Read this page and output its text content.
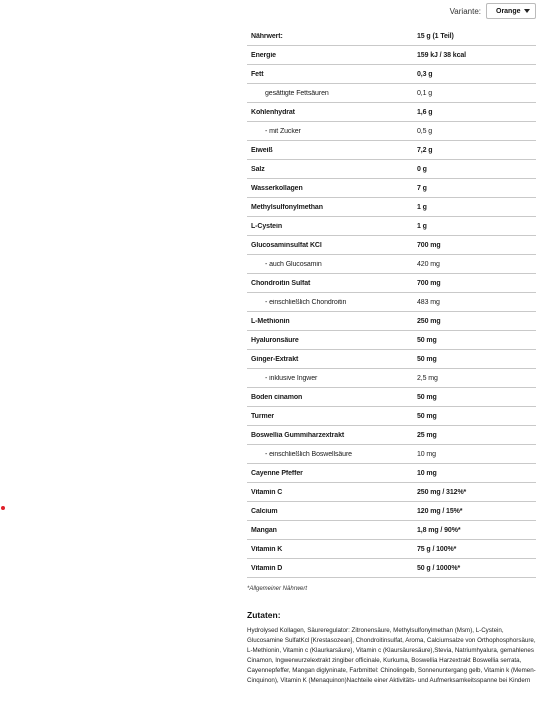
Variante: Orange
Nährwert:	15 g (1 Teil)
Energie	159 kJ / 38 kcal
Fett	0,3 g
gesättigte Fettsäuren	0,1 g
Kohlenhydrat	1,6 g
- mit Zucker	0,5 g
Eiweiß	7,2 g
Salz	0 g
Wasserkollagen	7 g
Methylsulfonylmethan	1 g
L-Cystein	1 g
Glucosaminsulfat KCl	700 mg
- auch Glucosamin	420 mg
Chondroitin Sulfat	700 mg
- einschließlich Chondroitin	483 mg
L-Methionin	250 mg
Hyaluronsäure	50 mg
Ginger-Extrakt	50 mg
- inklusive Ingwer	2,5 mg
Boden cinamon	50 mg
Turmer	50 mg
Boswellia Gummiharzextrakt	25 mg
- einschließlich Boswellsäure	10 mg
Cayenne Pfeffer	10 mg
Vitamin C	250 mg / 312%*
Calcium	120 mg / 15%*
Mangan	1,8 mg / 90%*
Vitamin K	75 g / 100%*
Vitamin D	50 g / 1000%*
*Allgemeiner Nährwert
Zutaten:
Hydrolysed Kollagen, Säureregulator: Zitronensäure, Methylsulfonylmethan (Msm), L-Cystein, Glucosamine SulfatKcl [Krestasozean], Chondroitinsulfat, Aroma, Calciumsalze von Orthophosphorsäure, L-Methionin, Vitamin c (Klaurkarsäure), Vitamin c (Klaursäuresäure),Stevia, Natriumhyalura, gemahlenes Cinamon, Ingwerwurzelextrakt zingiber officinale, Kurkuma, Boswellia Harzextrakt Boswellia serrata, Cayennepfeffer, Mangan diglyninate, Farbmittel: Chinolingelb, Sonnenuntergang gelb, Vitamin k (Memen-Cinquinon), Vitamin K (Menaquinon)Nachteile einer Aktivitäts- und Aufmerksamkeitsspanne bei Kindern
